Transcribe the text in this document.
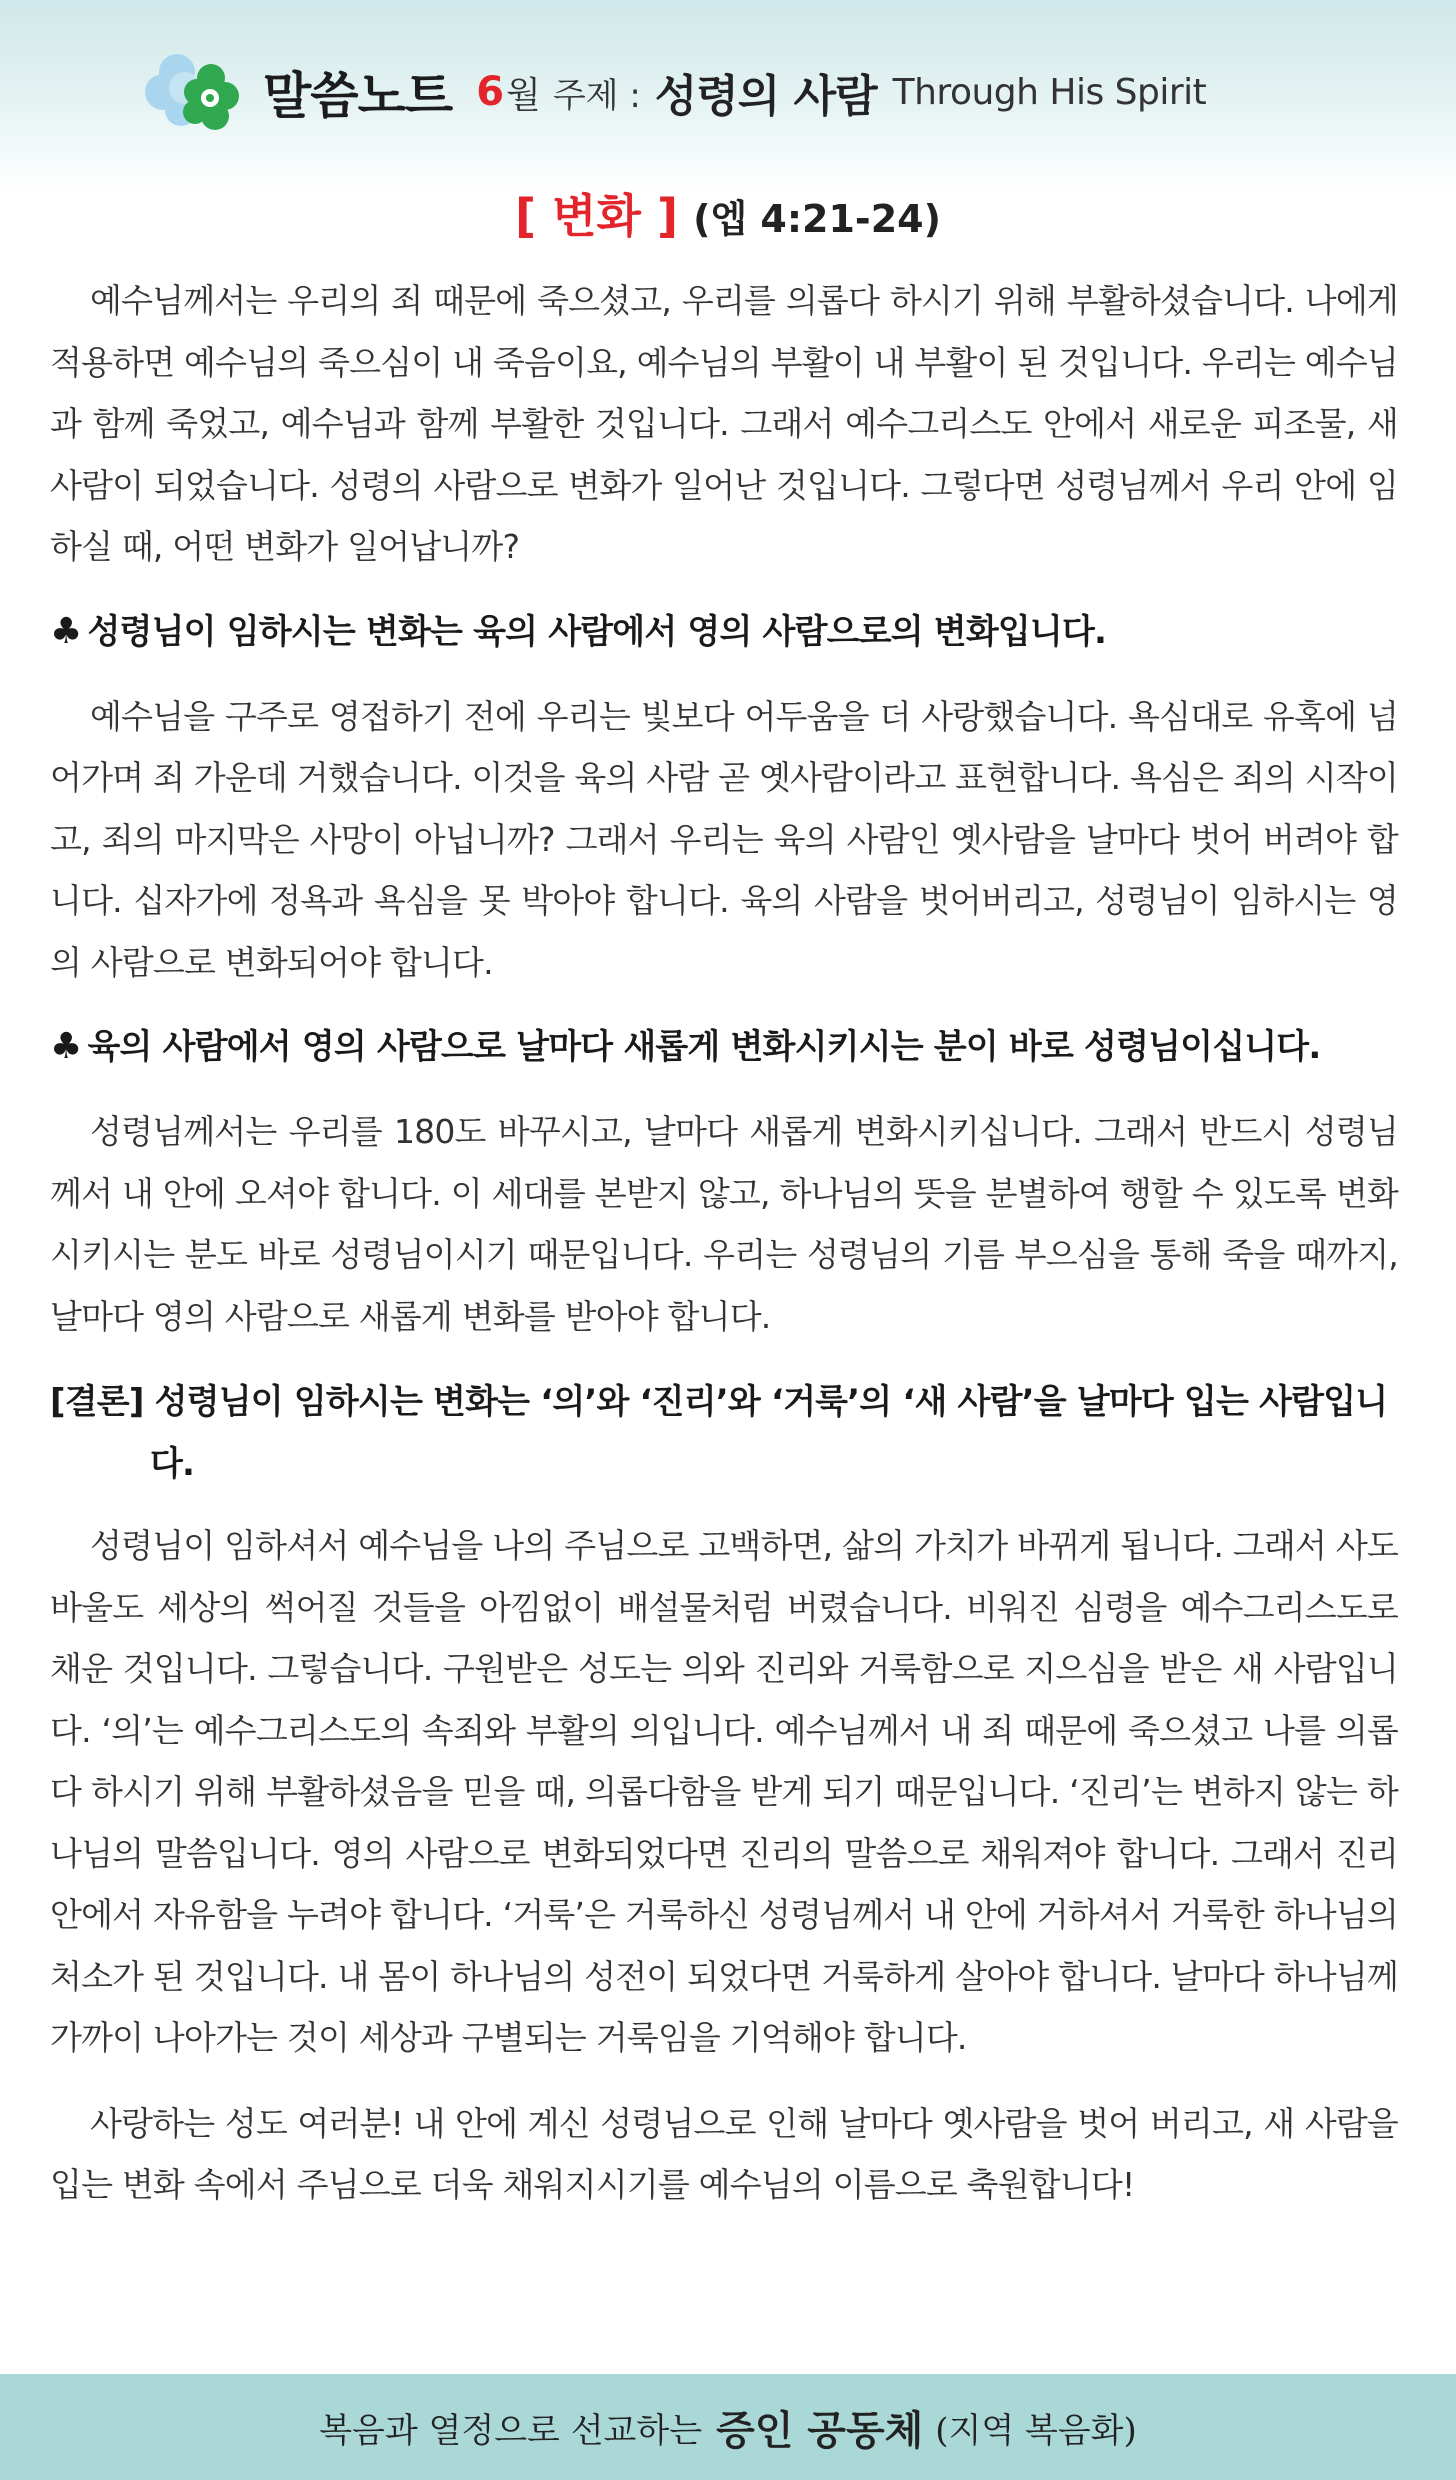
말씀노트 6 월 주제 : 성령의 사람 Through His Spirit
[ 변화 ] (엡 4:21-24)

예수님께서는 우리의 죄 때문에 죽으셨고, 우리를 의롭다 하시기 위해 부활하셨습니다. 나에게 적용하면 예수님의 죽으심이 내 죽음이요, 예수님의 부활이 내 부활이 된 것입니다. 우리는 예수님과 함께 죽었고, 예수님과 함께 부활한 것입니다. 그래서 예수그리스도 안에서 새로운 피조물, 새 사람이 되었습니다. 성령의 사람으로 변화가 일어난 것입니다. 그렇다면 성령님께서 우리 안에 임하실 때, 어떤 변화가 일어납니까?

♣ 성령님이 임하시는 변화는 육의 사람에서 영의 사람으로의 변화입니다.

예수님을 구주로 영접하기 전에 우리는 빛보다 어두움을 더 사랑했습니다. 욕심대로 유혹에 넘어가며 죄 가운데 거했습니다. 이것을 육의 사람 곧 옛사람이라고 표현합니다. 욕심은 죄의 시작이고, 죄의 마지막은 사망이 아닙니까? 그래서 우리는 육의 사람인 옛사람을 날마다 벗어 버려야 합니다. 십자가에 정욕과 욕심을 못 박아야 합니다. 육의 사람을 벗어버리고, 성령님이 임하시는 영의 사람으로 변화되어야 합니다.

♣ 육의 사람에서 영의 사람으로 날마다 새롭게 변화시키시는 분이 바로 성령님이십니다.

성령님께서는 우리를 180도 바꾸시고, 날마다 새롭게 변화시키십니다. 그래서 반드시 성령님께서 내 안에 오셔야 합니다. 이 세대를 본받지 않고, 하나님의 뜻을 분별하여 행할 수 있도록 변화시키시는 분도 바로 성령님이시기 때문입니다. 우리는 성령님의 기름 부으심을 통해 죽을 때까지, 날마다 영의 사람으로 새롭게 변화를 받아야 합니다.

[결론] 성령님이 임하시는 변화는 ‘의’와 ‘진리’와 ‘거룩’의 ‘새 사람’을 날마다 입는 사람입니다.

성령님이 임하셔서 예수님을 나의 주님으로 고백하면, 삶의 가치가 바뀌게 됩니다. 그래서 사도 바울도 세상의 썩어질 것들을 아낌없이 배설물처럼 버렸습니다. 비워진 심령을 예수그리스도로 채운 것입니다. 그렇습니다. 구원받은 성도는 의와 진리와 거룩함으로 지으심을 받은 새 사람입니다. ‘의’는 예수그리스도의 속죄와 부활의 의입니다. 예수님께서 내 죄 때문에 죽으셨고 나를 의롭다 하시기 위해 부활하셨음을 믿을 때, 의롭다함을 받게 되기 때문입니다. ‘진리’는 변하지 않는 하나님의 말씀입니다. 영의 사람으로 변화되었다면 진리의 말씀으로 채워져야 합니다. 그래서 진리 안에서 자유함을 누려야 합니다. ‘거룩’은 거룩하신 성령님께서 내 안에 거하셔서 거룩한 하나님의 처소가 된 것입니다. 내 몸이 하나님의 성전이 되었다면 거룩하게 살아야 합니다. 날마다 하나님께 가까이 나아가는 것이 세상과 구별되는 거룩임을 기억해야 합니다.

사랑하는 성도 여러분! 내 안에 계신 성령님으로 인해 날마다 옛사람을 벗어 버리고, 새 사람을 입는 변화 속에서 주님으로 더욱 채워지시기를 예수님의 이름으로 축원합니다!

복음과 열정으로 선교하는 증인 공동체 (지역 복음화)
